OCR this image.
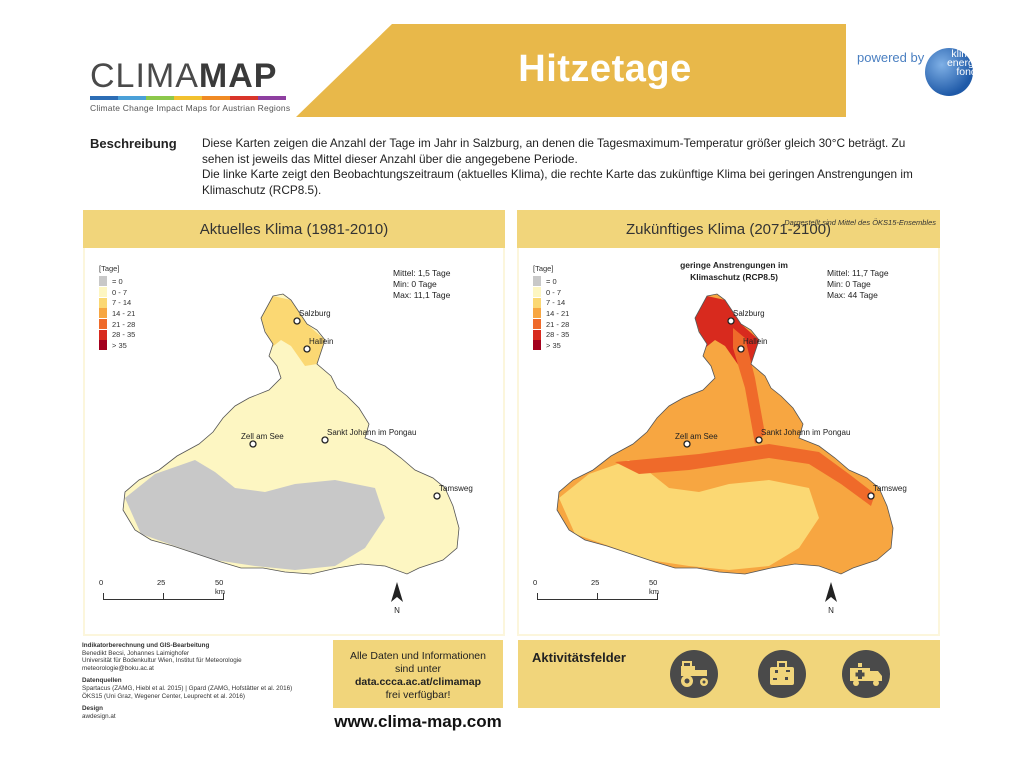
CLIMAMAP
Climate Change Impact Maps for Austrian Regions
Hitzetage	powered by	klima+ energie fonds
Beschreibung Diese Karten zeigen die Anzahl der Tage im Jahr in Salzburg, an denen die Tagesmaximum-Temperatur größer gleich 30°C beträgt. Zu
sehen ist jeweils das Mittel dieser Anzahl über die angegebene Periode.
Die linke Karte zeigt den Beobachtungszeitraum (aktuelles Klima), die rechte Karte das zukünftige Klima bei geringen Anstrengungen im
Klimaschutz (RCP8.5).
Aktuelles Klima (1981-2010)
Salzburg
Hallein
Zell am See	Sankt Johann im Pongau
Tamsweg
[Tage]
= 0
0 - 7
7 - 14
14 - 21
21 - 28
28 - 35
> 35
Mittel: 1,5 Tage
Min: 0 Tage
Max: 11,1 Tage
0	25	50 km
N
Zukünftiges Klima (2071-2100)
Dargestellt sind Mittel des ÖKS15-Ensembles
Salzburg
Hallein
Zell am See	Sankt Johann im Pongau
Tamsweg
[Tage]
= 0
0 - 7
7 - 14
14 - 21
21 - 28
28 - 35
> 35
geringe Anstrengungen im Klimaschutz (RCP8.5)	Mittel: 11,7 Tage
Min: 0 Tage
Max: 44 Tage
0	25	50 km
N
Indikatorberechnung und GIS-Bearbeitung
Benedikt Becsi, Johannes Laimighofer
Universität für Bodenkultur Wien, Institut für Meteorologie
meteorologie@boku.ac.at
Datenquellen
Spartacus (ZAMG, Hiebl et al. 2015) | Gpard (ZAMG, Hofstätter et al. 2016)
ÖKS15 (Uni Graz, Wegener Center, Leuprecht et al. 2016)
Design
awdesign.at
Alle Daten und Informationen
sind unter
data.ccca.ac.at/climamap
frei verfügbar!
www.clima-map.com
Aktivitätsfelder
